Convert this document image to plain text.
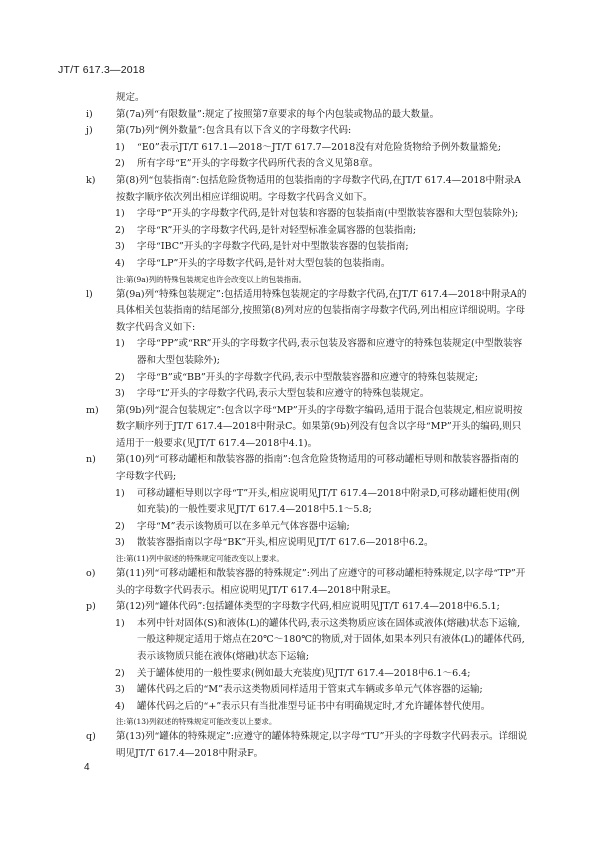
JT/T 617.3—2018
规定。
i)	第(7a)列“有限数量”:规定了按照第7章要求的每个内包装或物品的最大数量。
j)	第(7b)列“例外数量”:包含具有以下含义的字母数字代码:
1)	“E0”表示JT/T 617.1—2018～JT/T 617.7—2018没有对危险货物给予例外数量豁免;
2)	所有字母“E”开头的字母数字代码所代表的含义见第8章。
k)	第(8)列“包装指南”:包括危险货物适用的包装指南的字母数字代码,在JT/T 617.4—2018中附录A按数字顺序依次列出相应详细说明。字母数字代码含义如下。
1)	字母“P”开头的字母数字代码,是针对包装和容器的包装指南(中型散装容器和大型包装除外);
2)	字母“R”开头的字母数字代码,是针对轻型标准金属容器的包装指南;
3)	字母“IBC”开头的字母数字代码,是针对中型散装容器的包装指南;
4)	字母“LP”开头的字母数字代码,是针对大型包装的包装指南。
注:第(9a)列的特殊包装规定也许会改变以上的包装指南。
l)	第(9a)列“特殊包装规定”:包括适用特殊包装规定的字母数字代码,在JT/T 617.4—2018中附录A的具体相关包装指南的结尾部分,按照第(8)列对应的包装指南字母数字代码,列出相应详细说明。字母数字代码含义如下:
1)	字母“PP”或“RR”开头的字母数字代码,表示包装及容器和应遵守的特殊包装规定(中型散装容器和大型包装除外);
2)	字母“B”或“BB”开头的字母数字代码,表示中型散装容器和应遵守的特殊包装规定;
3)	字母“L”开头的字母数字代码,表示大型包装和应遵守的特殊包装规定。
m)	第(9b)列“混合包装规定”:包含以字母“MP”开头的字母数字编码,适用于混合包装规定,相应说明按数字顺序列于JT/T 617.4—2018中附录C。如果第(9b)列没有包含以字母“MP”开头的编码,则只适用于一般要求(见JT/T 617.4—2018中4.1)。
n)	第(10)列“可移动罐柜和散装容器的指南”:包含危险货物适用的可移动罐柜导则和散装容器指南的字母数字代码;
1)	可移动罐柜导则以字母“T”开头,相应说明见JT/T 617.4—2018中附录D,可移动罐柜使用(例如充装)的一般性要求见JT/T 617.4—2018中5.1～5.8;
2)	字母“M”表示该物质可以在多单元气体容器中运输;
3)	散装容器指南以字母“BK”开头,相应说明见JT/T 617.6—2018中6.2。
注:第(11)列中叙述的特殊规定可能改变以上要求。
o)	第(11)列“可移动罐柜和散装容器的特殊规定”:列出了应遵守的可移动罐柜特殊规定,以字母“TP”开头的字母数字代码表示。相应说明见JT/T 617.4—2018中附录E。
p)	第(12)列“罐体代码”:包括罐体类型的字母数字代码,相应说明见JT/T 617.4—2018中6.5.1;
1)	本列中针对固体(S)和液体(L)的罐体代码,表示这类物质应该在固体或液体(熔融)状态下运输,一般这种规定适用于熔点在20℃～180℃的物质,对于固体,如果本列只有液体(L)的罐体代码,表示该物质只能在液体(熔融)状态下运输;
2)	关于罐体使用的一般性要求(例如最大充装度)见JT/T 617.4—2018中6.1～6.4;
3)	罐体代码之后的“M”表示这类物质同样适用于管束式车辆或多单元气体容器的运输;
4)	罐体代码之后的“+”表示只有当批准型号证书中有明确规定时,才允许罐体替代使用。
注:第(13)列叙述的特殊规定可能改变以上要求。
q)	第(13)列“罐体的特殊规定”:应遵守的罐体特殊规定,以字母“TU”开头的字母数字代码表示。详细说明见JT/T 617.4—2018中附录F。
4
